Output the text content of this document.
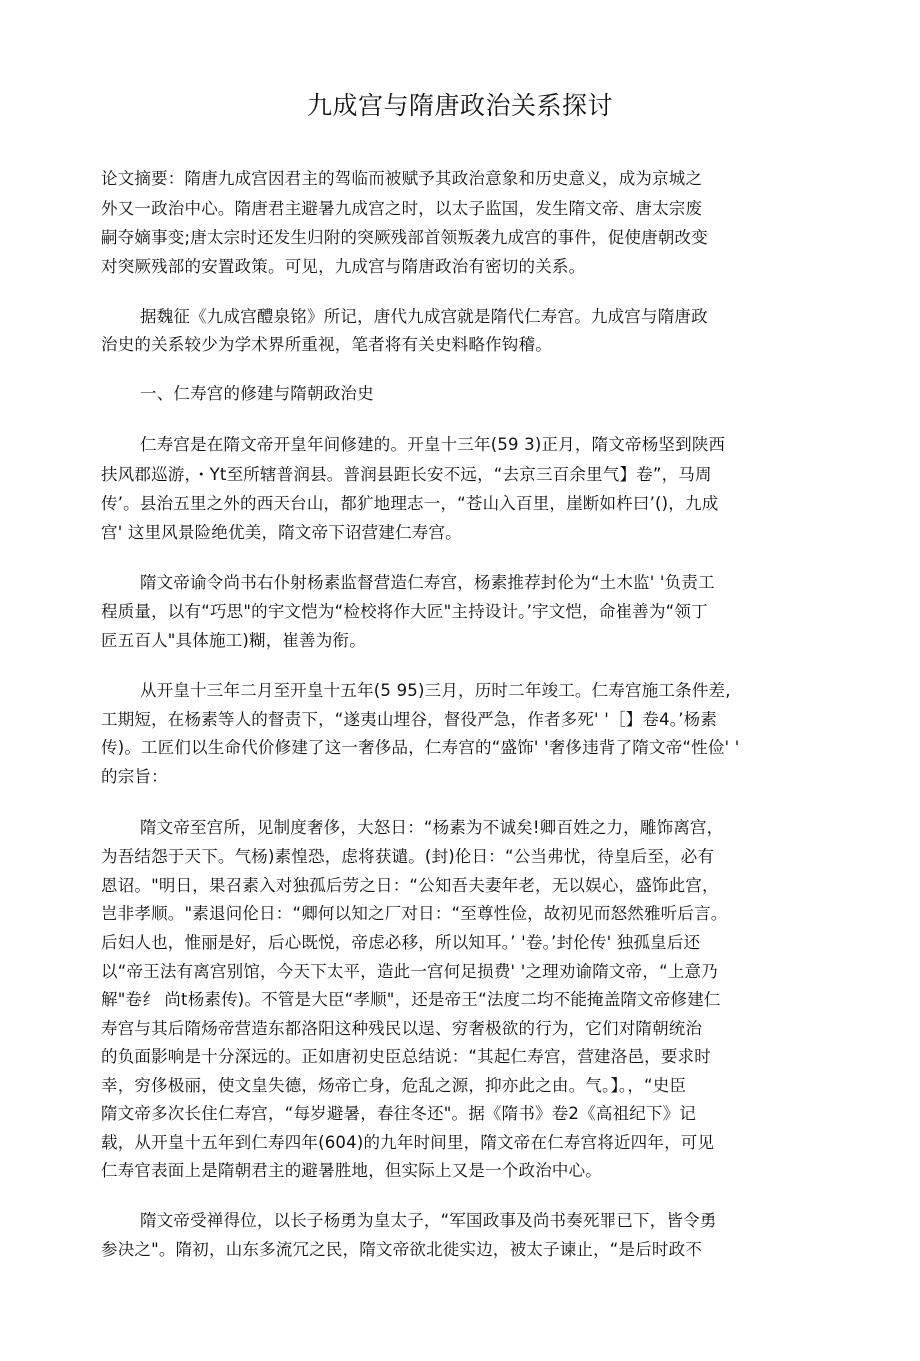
九成宫与隋唐政治关系探讨
论文摘要：隋唐九成宫因君主的驾临而被赋予其政治意象和历史意义，成为京城之
外又一政治中心。隋唐君主避暑九成宫之时，以太子监国，发生隋文帝、唐太宗废
嗣夺嫡事变;唐太宗时还发生归附的突厥残部首领叛袭九成宫的事件，促使唐朝改变
对突厥残部的安置政策。可见，九成宫与隋唐政治有密切的关系。
据魏征《九成宫醴泉铭》所记，唐代九成宫就是隋代仁寿宫。九成宫与隋唐政
治史的关系较少为学术界所重视，笔者将有关史料略作钩稽。
一、仁寿宫的修建与隋朝政治史
仁寿宫是在隋文帝开皇年间修建的。开皇十三年(59 3)正月，隋文帝杨坚到陕西
扶风郡巡游，・Yt至所辖普润县。普润县距长安不远，“去京三百余里气】卷”，马周
传’。县治五里之外的西天台山，都犷地理志一，“苍山入百里，崖断如杵曰’()，九成
宫' 这里风景险绝优美，隋文帝下诏营建仁寿宫。
隋文帝谕令尚书右仆射杨素监督营造仁寿宫，杨素推荐封伦为“土木监' '负责工
程质量，以有“巧思"的宇文恺为“检校将作大匠"主持设计。’宇文恺，命崔善为“领丁
匠五百人"具体施工)糊，崔善为衔。
从开皇十三年二月至开皇十五年(5 95)三月，历时二年竣工。仁寿宫施工条件差,
工期短，在杨素等人的督责下，“遂夷山埋谷，督役严急，作者多死' '［】卷4。’杨素
传)。工匠们以生命代价修建了这一奢侈品，仁寿宫的“盛饰' '奢侈违背了隋文帝“性俭' '
的宗旨：
隋文帝至宫所，见制度奢侈，大怒日：“杨素为不诚矣!卿百姓之力，雕饰离宫，
为吾结怨于天下。气杨)素惶恐，虑将获谴。(封)伦日：“公当弗忧，待皇后至，必有
恩诏。"明日，果召素入对独孤后劳之日：“公知吾夫妻年老，无以娱心，盛饰此宫，
岂非孝顺。"素退问伦日：“卿何以知之厂对日：“至尊性俭，故初见而怒然雅听后言。
后妇人也，惟丽是好，后心既悦，帝虑必移，所以知耳。’ '卷。’封伦传' 独孤皇后还
以“帝王法有离宫别馆，今天下太平，造此一宫何足损费' '之理劝谕隋文帝，“上意乃
解"卷纟 尚t杨素传)。不管是大臣“孝顺"，还是帝王“法度二均不能掩盖隋文帝修建仁
寿宫与其后隋炀帝营造东都洛阳这种残民以逞、穷奢极欲的行为，它们对隋朝统治
的负面影响是十分深远的。正如唐初史臣总结说：“其起仁寿宫，营建洛邑，要求时
幸，穷侈极丽，使文皇失德，炀帝亡身，危乱之源，抑亦此之由。气。】。，“史臣
隋文帝多次长住仁寿宫，“每岁避暑，春往冬还"。据《隋书》卷2《高祖纪下》记
载，从开皇十五年到仁寿四年(604)的九年时间里，隋文帝在仁寿宫将近四年，可见
仁寿官表面上是隋朝君主的避暑胜地，但实际上又是一个政治中心。
隋文帝受禅得位，以长子杨勇为皇太子，“军国政事及尚书奏死罪已下，皆令勇
参决之"。隋初，山东多流冗之民，隋文帝欲北徙实边，被太子谏止，“是后时政不
